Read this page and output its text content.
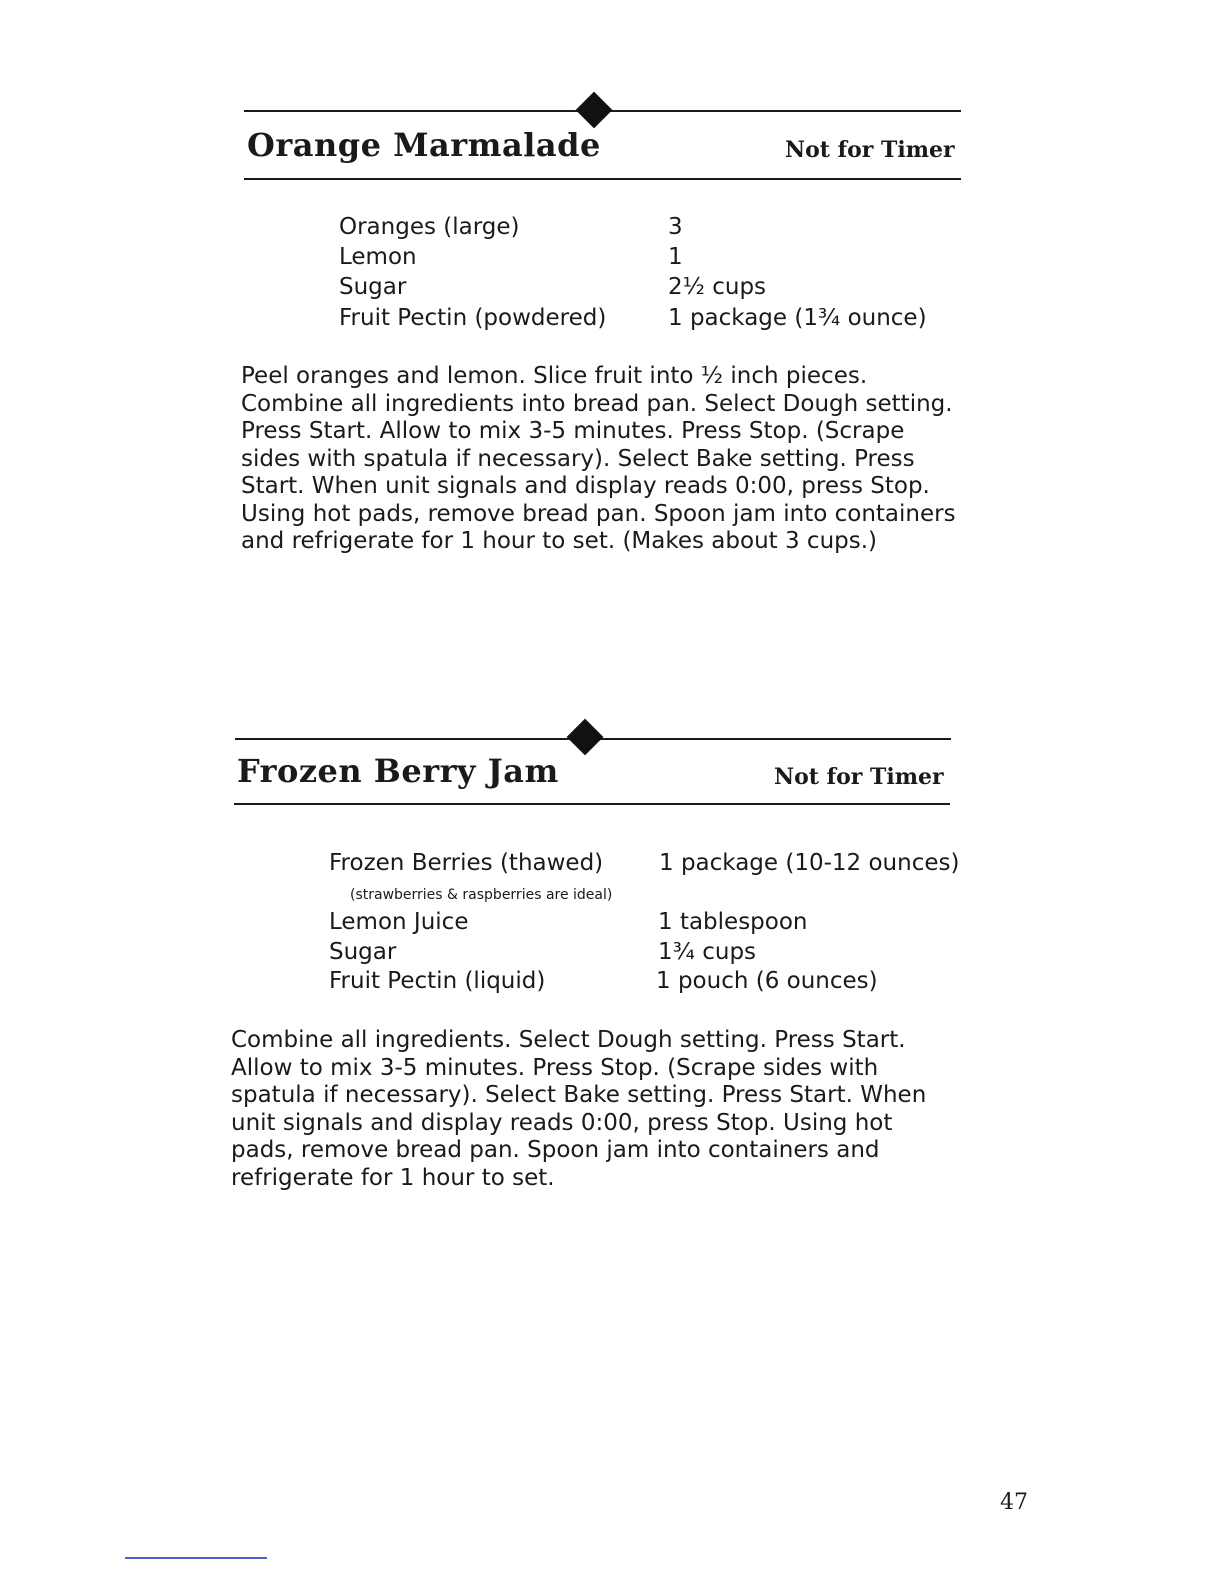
Orange Marmalade	Not for Timer
Oranges (large)	3
Lemon	1
Sugar	2½ cups
Fruit Pectin (powdered)	1 package (1¾ ounce)
Peel oranges and lemon. Slice fruit into ½ inch pieces. Combine all ingredients into bread pan. Select Dough setting. Press Start. Allow to mix 3-5 minutes. Press Stop. (Scrape sides with spatula if necessary). Select Bake setting. Press Start. When unit signals and display reads 0:00, press Stop. Using hot pads, remove bread pan. Spoon jam into containers and refrigerate for 1 hour to set. (Makes about 3 cups.)
Frozen Berry Jam	Not for Timer
Frozen Berries (thawed) 1 package (10-12 ounces)
(strawberries & raspberries are ideal)
Lemon Juice	1 tablespoon
Sugar	1¾ cups
Fruit Pectin (liquid)	1 pouch (6 ounces)
Combine all ingredients. Select Dough setting. Press Start. Allow to mix 3-5 minutes. Press Stop. (Scrape sides with spatula if necessary). Select Bake setting. Press Start. When unit signals and display reads 0:00, press Stop. Using hot pads, remove bread pan. Spoon jam into containers and refrigerate for 1 hour to set.
47
